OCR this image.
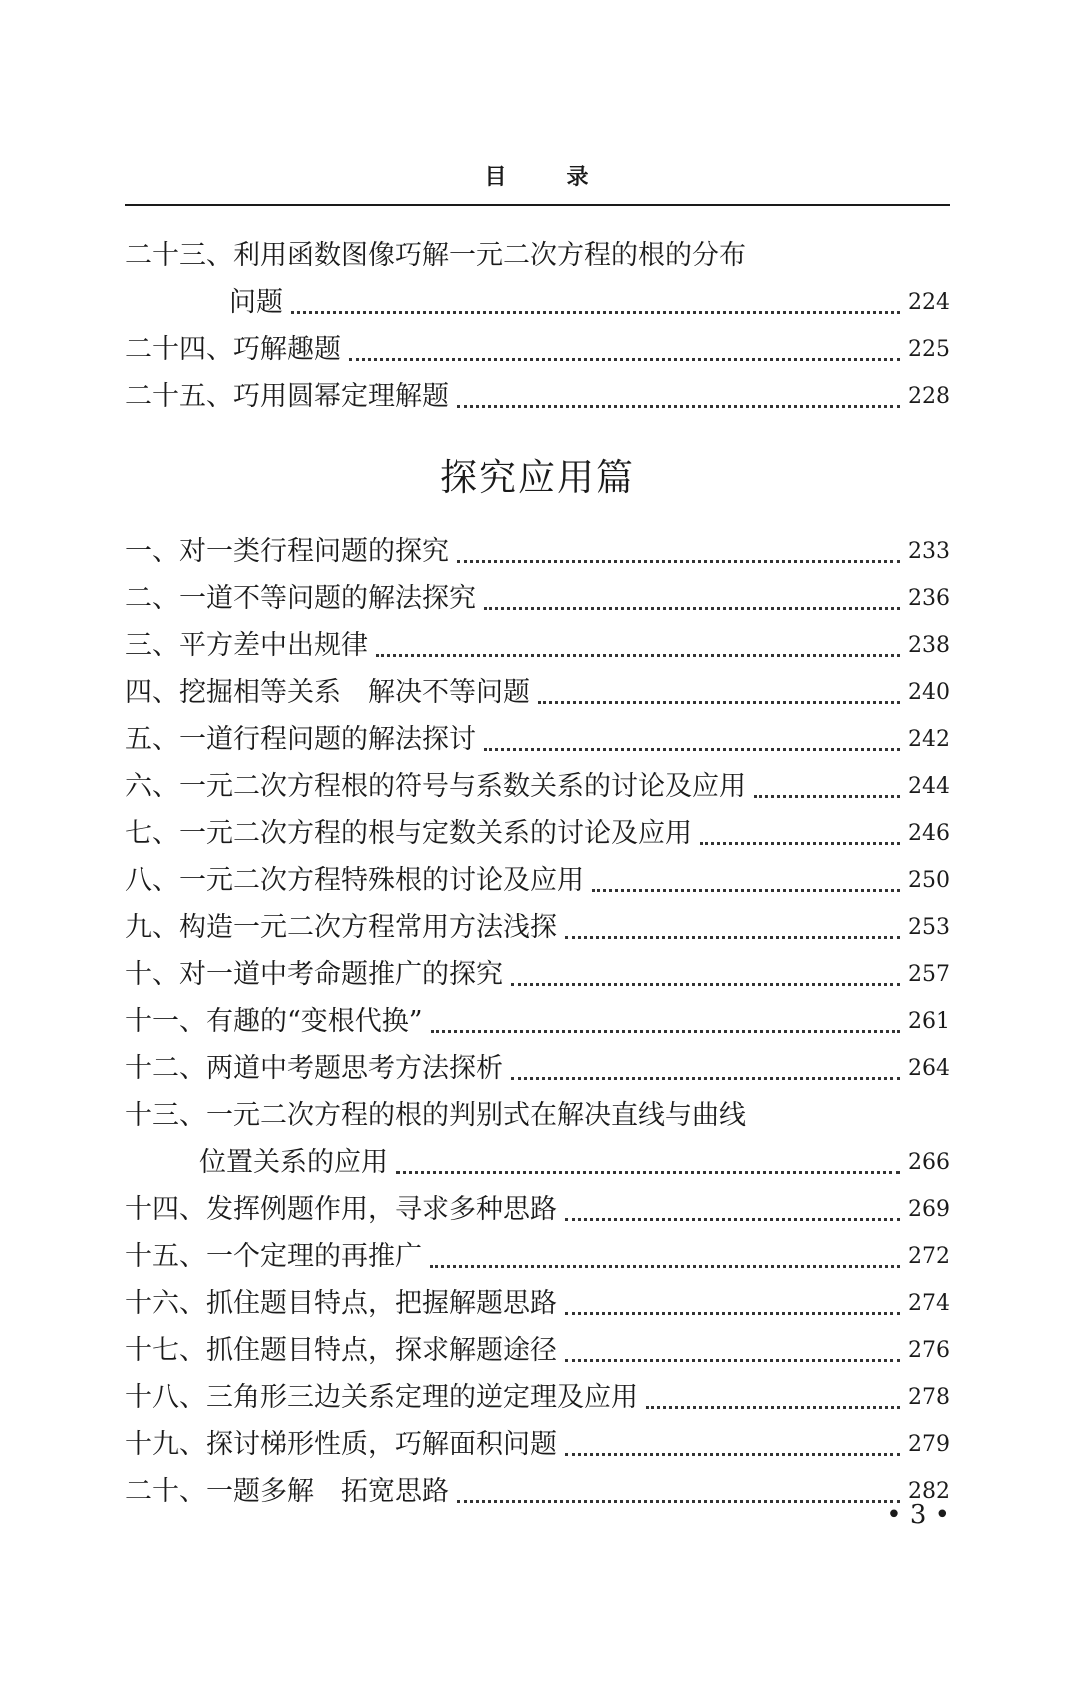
目	录
二十三、利用函数图像巧解一元二次方程的根的分布
问题	224
二十四、巧解趣题	225
二十五、巧用圆幂定理解题	228
探究应用篇
一、对一类行程问题的探究	233
二、一道不等问题的解法探究	236
三、平方差中出规律	238
四、挖掘相等关系　解决不等问题	240
五、一道行程问题的解法探讨	242
六、一元二次方程根的符号与系数关系的讨论及应用	244
七、一元二次方程的根与定数关系的讨论及应用	246
八、一元二次方程特殊根的讨论及应用	250
九、构造一元二次方程常用方法浅探	253
十、对一道中考命题推广的探究	257
十一、有趣的“变根代换”	261
十二、两道中考题思考方法探析	264
十三、一元二次方程的根的判别式在解决直线与曲线
位置关系的应用	266
十四、发挥例题作用，寻求多种思路	269
十五、一个定理的再推广	272
十六、抓住题目特点，把握解题思路	274
十七、抓住题目特点，探求解题途径	276
十八、三角形三边关系定理的逆定理及应用	278
十九、探讨梯形性质，巧解面积问题	279
二十、一题多解　拓宽思路	282
• 3 •
